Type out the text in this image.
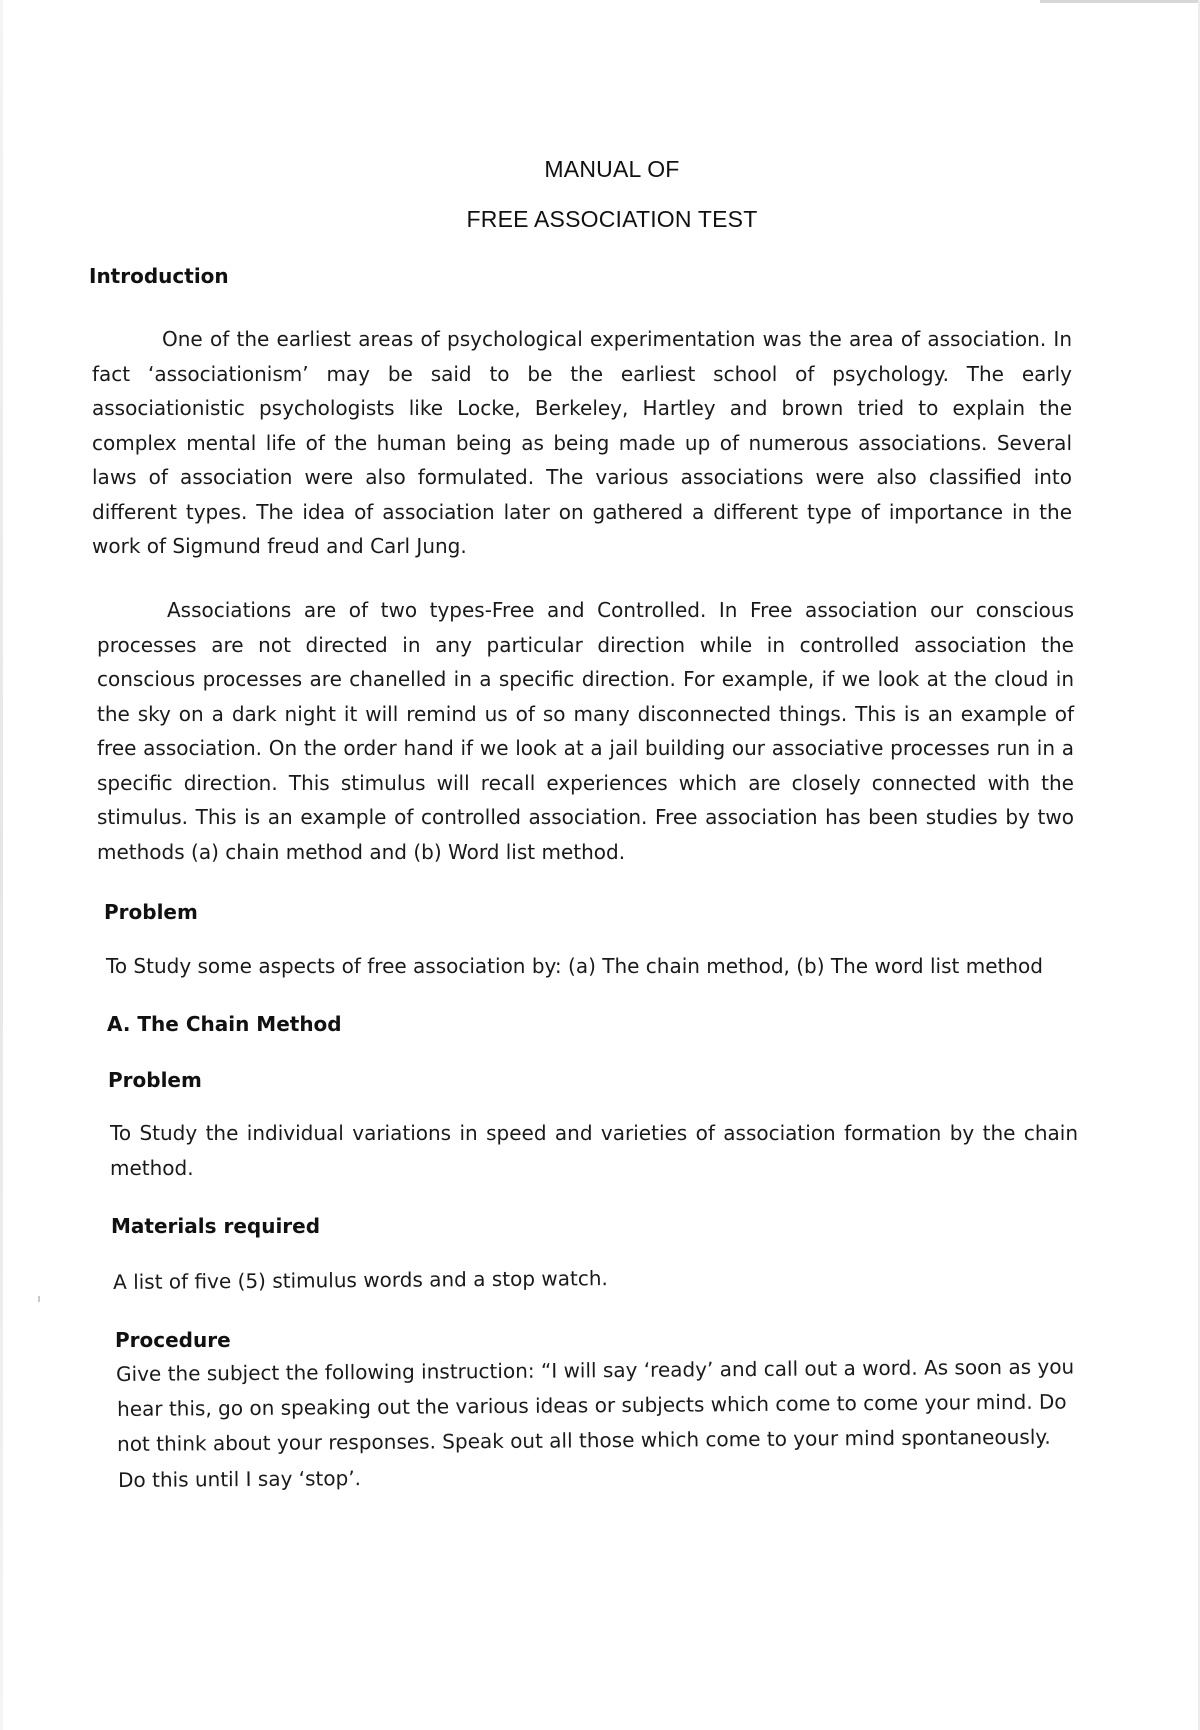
MANUAL OF
FREE ASSOCIATION TEST
Introduction
One of the earliest areas of psychological experimentation was the area of association. In fact ‘associationism’ may be said to be the earliest school of psychology. The early associationistic psychologists like Locke, Berkeley, Hartley and brown tried to explain the complex mental life of the human being as being made up of numerous associations. Several laws of association were also formulated. The various associations were also classified into different types. The idea of association later on gathered a different type of importance in the work of Sigmund freud and Carl Jung.
Associations are of two types-Free and Controlled. In Free association our conscious processes are not directed in any particular direction while in controlled association the conscious processes are chanelled in a specific direction. For example, if we look at the cloud in the sky on a dark night it will remind us of so many disconnected things. This is an example of free association. On the order hand if we look at a jail building our associative processes run in a specific direction. This stimulus will recall experiences which are closely connected with the stimulus. This is an example of controlled association. Free association has been studies by two methods (a) chain method and (b) Word list method.
Problem
To Study some aspects of free association by: (a) The chain method, (b) The word list method
A. The Chain Method
Problem
To Study the individual variations in speed and varieties of association formation by the chain method.
Materials required
A list of five (5) stimulus words and a stop watch.
Procedure
Give the subject the following instruction: “I will say ‘ready’ and call out a word. As soon as you
hear this, go on speaking out the various ideas or subjects which come to come your mind. Do
not think about your responses. Speak out all those which come to your mind spontaneously.
Do this until I say ‘stop’.
